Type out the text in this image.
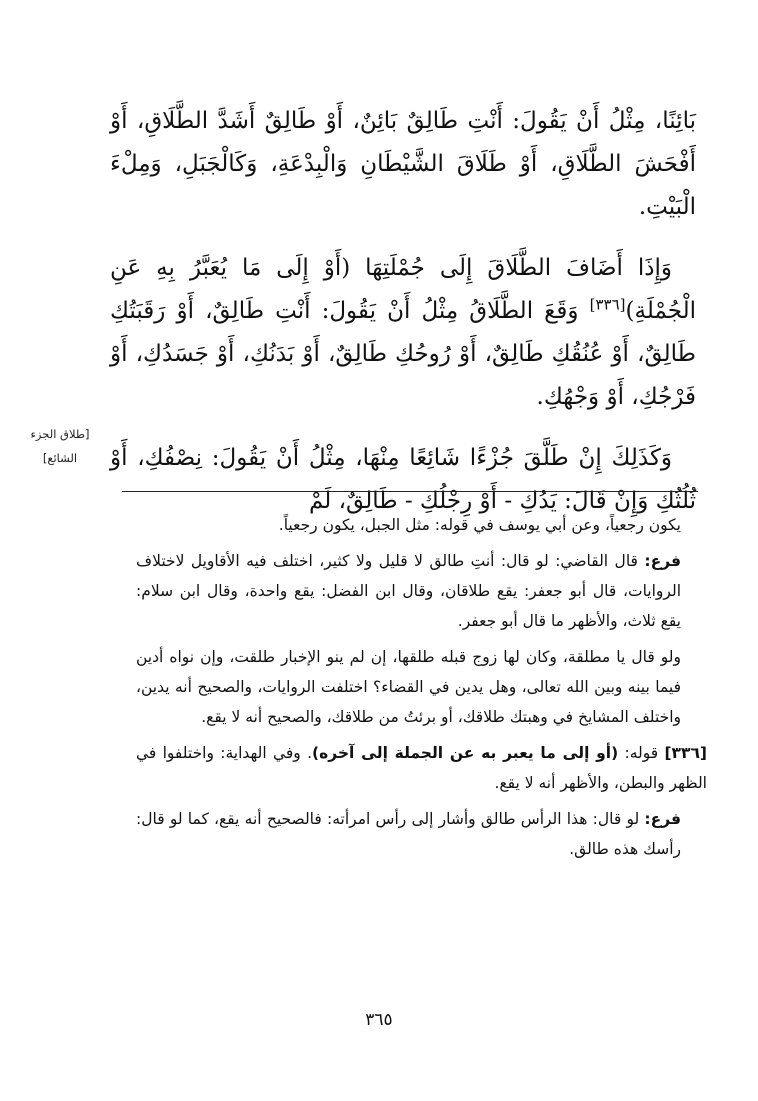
بَائِنًا، مِثْلُ أَنْ يَقُولَ: أَنْتِ طَالِقٌ بَائِنٌ، أَوْ طَالِقٌ أَشَدَّ الطَّلَاقِ، أَوْ أَفْحَشَ الطَّلَاقِ، أَوْ طَلَاقَ الشَّيْطَانِ وَالْبِدْعَةِ، وَكَالْجَبَلِ، وَمِلْءَ الْبَيْتِ.

وَإِذَا أَضَافَ الطَّلَاقَ إِلَى جُمْلَتِهَا (أَوْ إِلَى مَا يُعَبَّرُ بِهِ عَنِ الْجُمْلَةِ)[٣٣٦] وَقَعَ الطَّلَاقُ مِثْلُ أَنْ يَقُولَ: أَنْتِ طَالِقٌ، أَوْ رَقَبَتُكِ طَالِقٌ، أَوْ عُنُقُكِ طَالِقٌ، أَوْ رُوحُكِ طَالِقٌ، أَوْ بَدَنُكِ، أَوْ جَسَدُكِ، أَوْ فَرْجُكِ، أَوْ وَجْهُكِ.

وَكَذَلِكَ إِنْ طَلَّقَ جُزْءًا شَائِعًا مِنْهَا، مِثْلُ أَنْ يَقُولَ: نِصْفُكِ، أَوْ ثُلُثُكِ وَإِنْ قَالَ: يَدُكِ - أَوْ رِجْلُكِ - طَالِقٌ، لَمْ

[طلاق الجزء
الشائع]

يكون رجعياً، وعن أبي يوسف في قوله: مثل الجبل، يكون رجعياً.

فرع: قال القاضي: لو قال: أنتِ طالق لا قليل ولا كثير، اختلف فيه الأقاويل لاختلاف الروايات، قال أبو جعفر: يقع طلاقان، وقال ابن الفضل: يقع واحدة، وقال ابن سلام: يقع ثلاث، والأظهر ما قال أبو جعفر.

ولو قال يا مطلقة، وكان لها زوج قبله طلقها، إن لم ينو الإخبار طلقت، وإن نواه أدين فيما بينه وبين الله تعالى، وهل يدين في القضاء؟ اختلفت الروايات، والصحيح أنه يدين، واختلف المشايخ في وهبتك طلاقك، أو برئتُ من طلاقك، والصحيح أنه لا يقع.

[٣٣٦] قوله: (أو إلى ما يعبر به عن الجملة إلى آخره). وفي الهداية: واختلفوا في الظهر والبطن، والأظهر أنه لا يقع.

فرع: لو قال: هذا الرأس طالق وأشار إلى رأس امرأته: فالصحيح أنه يقع، كما لو قال: رأسك هذه طالق.

٣٦٥
